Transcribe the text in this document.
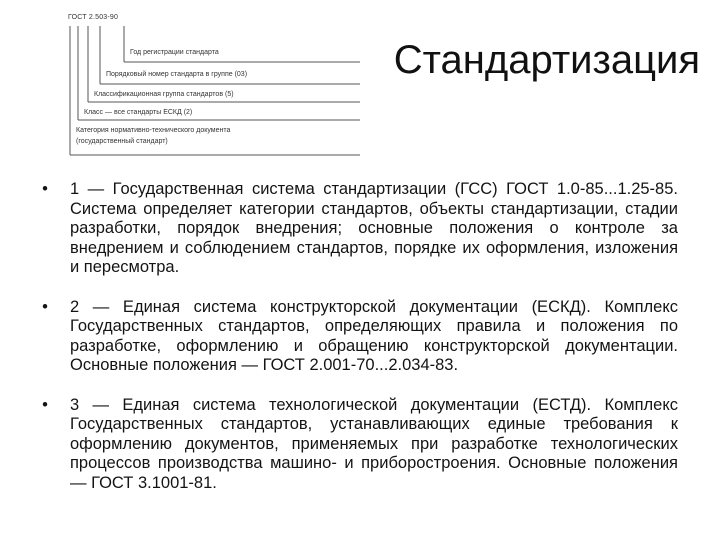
Стандартизация
ГОСТ 2.503-90
Год регистрации стандарта
Порядковый номер стандарта в группе (03)
Классификационная группа стандартов (5)
Класс — все стандарты ЕСКД (2)
Категория нормативно-технического документа
(государственный стандарт)
• 1 — Государственная система стандартизации (ГСС) ГОСТ 1.0-85...1.25-85. Система определяет категории стандартов, объекты стандартизации, стадии разработки, порядок внедрения; основные положения о контроле за внедрением и соблюдением стандартов, порядке их оформления, изложения и пересмотра.
• 2 — Единая система конструкторской документации (ЕСКД). Комплекс Государственных стандартов, определяющих правила и положения по разработке, оформлению и обращению конструкторской документации. Основные положения — ГОСТ 2.001-70...2.034-83.
• 3 — Единая система технологической документации (ЕСТД). Комплекс Государственных стандартов, устанавливающих единые требования к оформлению документов, применяемых при разработке технологических процессов производства машино- и приборостроения. Основные положения — ГОСТ 3.1001-81.
